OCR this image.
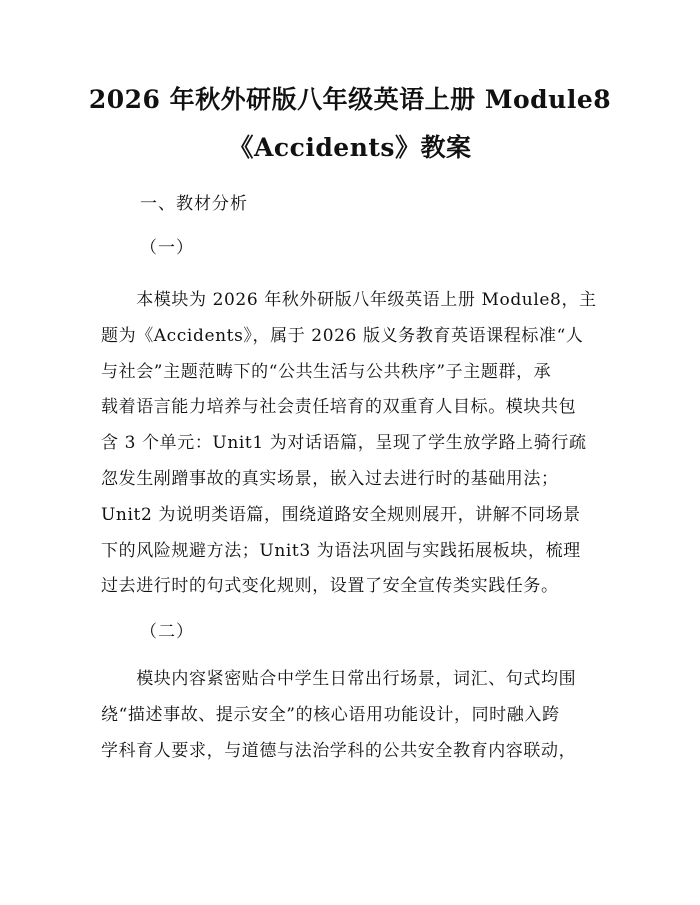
2026 年秋外研版八年级英语上册 Module8
《Accidents》教案
一、教材分析
（一）
　　本模块为 2026 年秋外研版八年级英语上册 Module8，主
题为《Accidents》，属于 2026 版义务教育英语课程标准“人
与社会”主题范畴下的“公共生活与公共秩序”子主题群，承
载着语言能力培养与社会责任培育的双重育人目标。模块共包
含 3 个单元：Unit1 为对话语篇，呈现了学生放学路上骑行疏
忽发生剐蹭事故的真实场景，嵌入过去进行时的基础用法；
Unit2 为说明类语篇，围绕道路安全规则展开，讲解不同场景
下的风险规避方法；Unit3 为语法巩固与实践拓展板块，梳理
过去进行时的句式变化规则，设置了安全宣传类实践任务。
（二）
　　模块内容紧密贴合中学生日常出行场景，词汇、句式均围
绕“描述事故、提示安全”的核心语用功能设计，同时融入跨
学科育人要求，与道德与法治学科的公共安全教育内容联动，
